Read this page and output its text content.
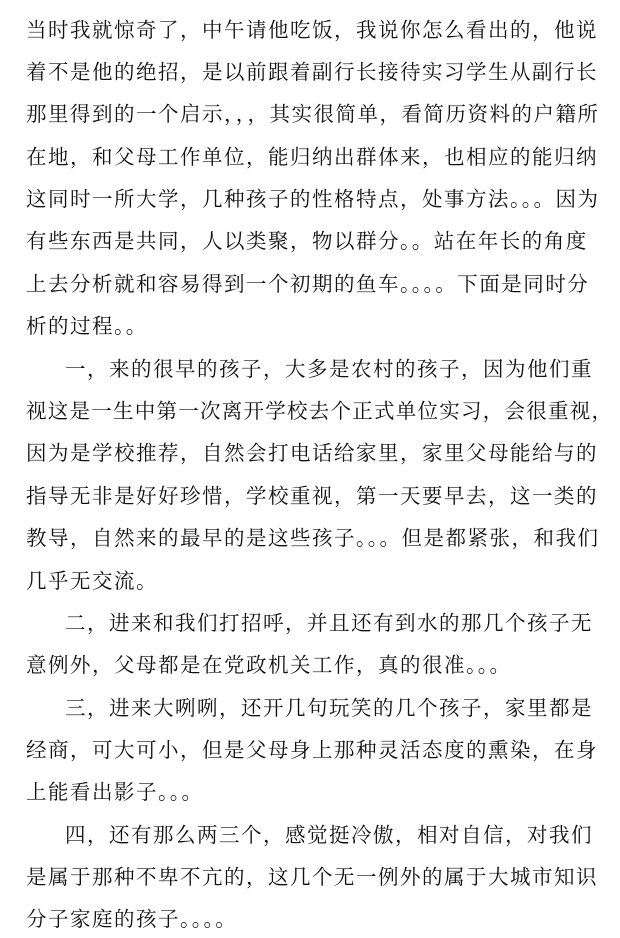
当时我就惊奇了，中午请他吃饭，我说你怎么看出的，他说
着不是他的绝招，是以前跟着副行长接待实习学生从副行长
那里得到的一个启示，，，其实很简单，看简历资料的户籍所
在地，和父母工作单位，能归纳出群体来，也相应的能归纳
这同时一所大学，几种孩子的性格特点，处事方法。。。因为
有些东西是共同，人以类聚，物以群分。。站在年长的角度
上去分析就和容易得到一个初期的鱼车。。。。下面是同时分
析的过程。。
一，来的很早的孩子，大多是农村的孩子，因为他们重
视这是一生中第一次离开学校去个正式单位实习，会很重视，
因为是学校推荐，自然会打电话给家里，家里父母能给与的
指导无非是好好珍惜，学校重视，第一天要早去，这一类的
教导，自然来的最早的是这些孩子。。。但是都紧张，和我们
几乎无交流。
二，进来和我们打招呼，并且还有到水的那几个孩子无
意例外，父母都是在党政机关工作，真的很准。。。
三，进来大咧咧，还开几句玩笑的几个孩子，家里都是
经商，可大可小，但是父母身上那种灵活态度的熏染，在身
上能看出影子。。。
四，还有那么两三个，感觉挺冷傲，相对自信，对我们
是属于那种不卑不亢的，这几个无一例外的属于大城市知识
分子家庭的孩子。。。。
